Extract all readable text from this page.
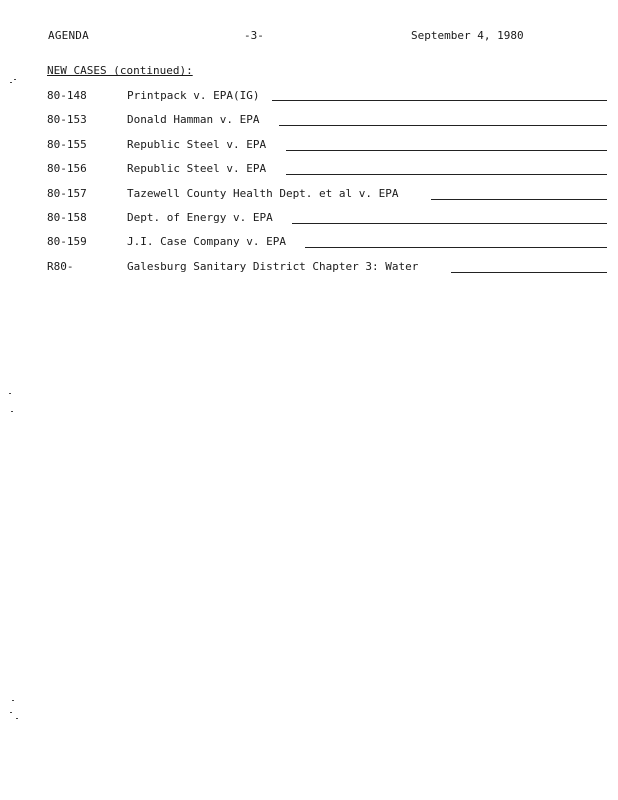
AGENDA	-3-	September 4, 1980
NEW CASES (continued):
80-148	Printpack v. EPA(IG)
80-153	Donald Hamman v. EPA
80-155	Republic Steel v. EPA
80-156	Republic Steel v. EPA
80-157	Tazewell County Health Dept. et al v. EPA
80-158	Dept. of Energy v. EPA
80-159	J.I. Case Company v. EPA
R80-	Galesburg Sanitary District Chapter 3: Water
